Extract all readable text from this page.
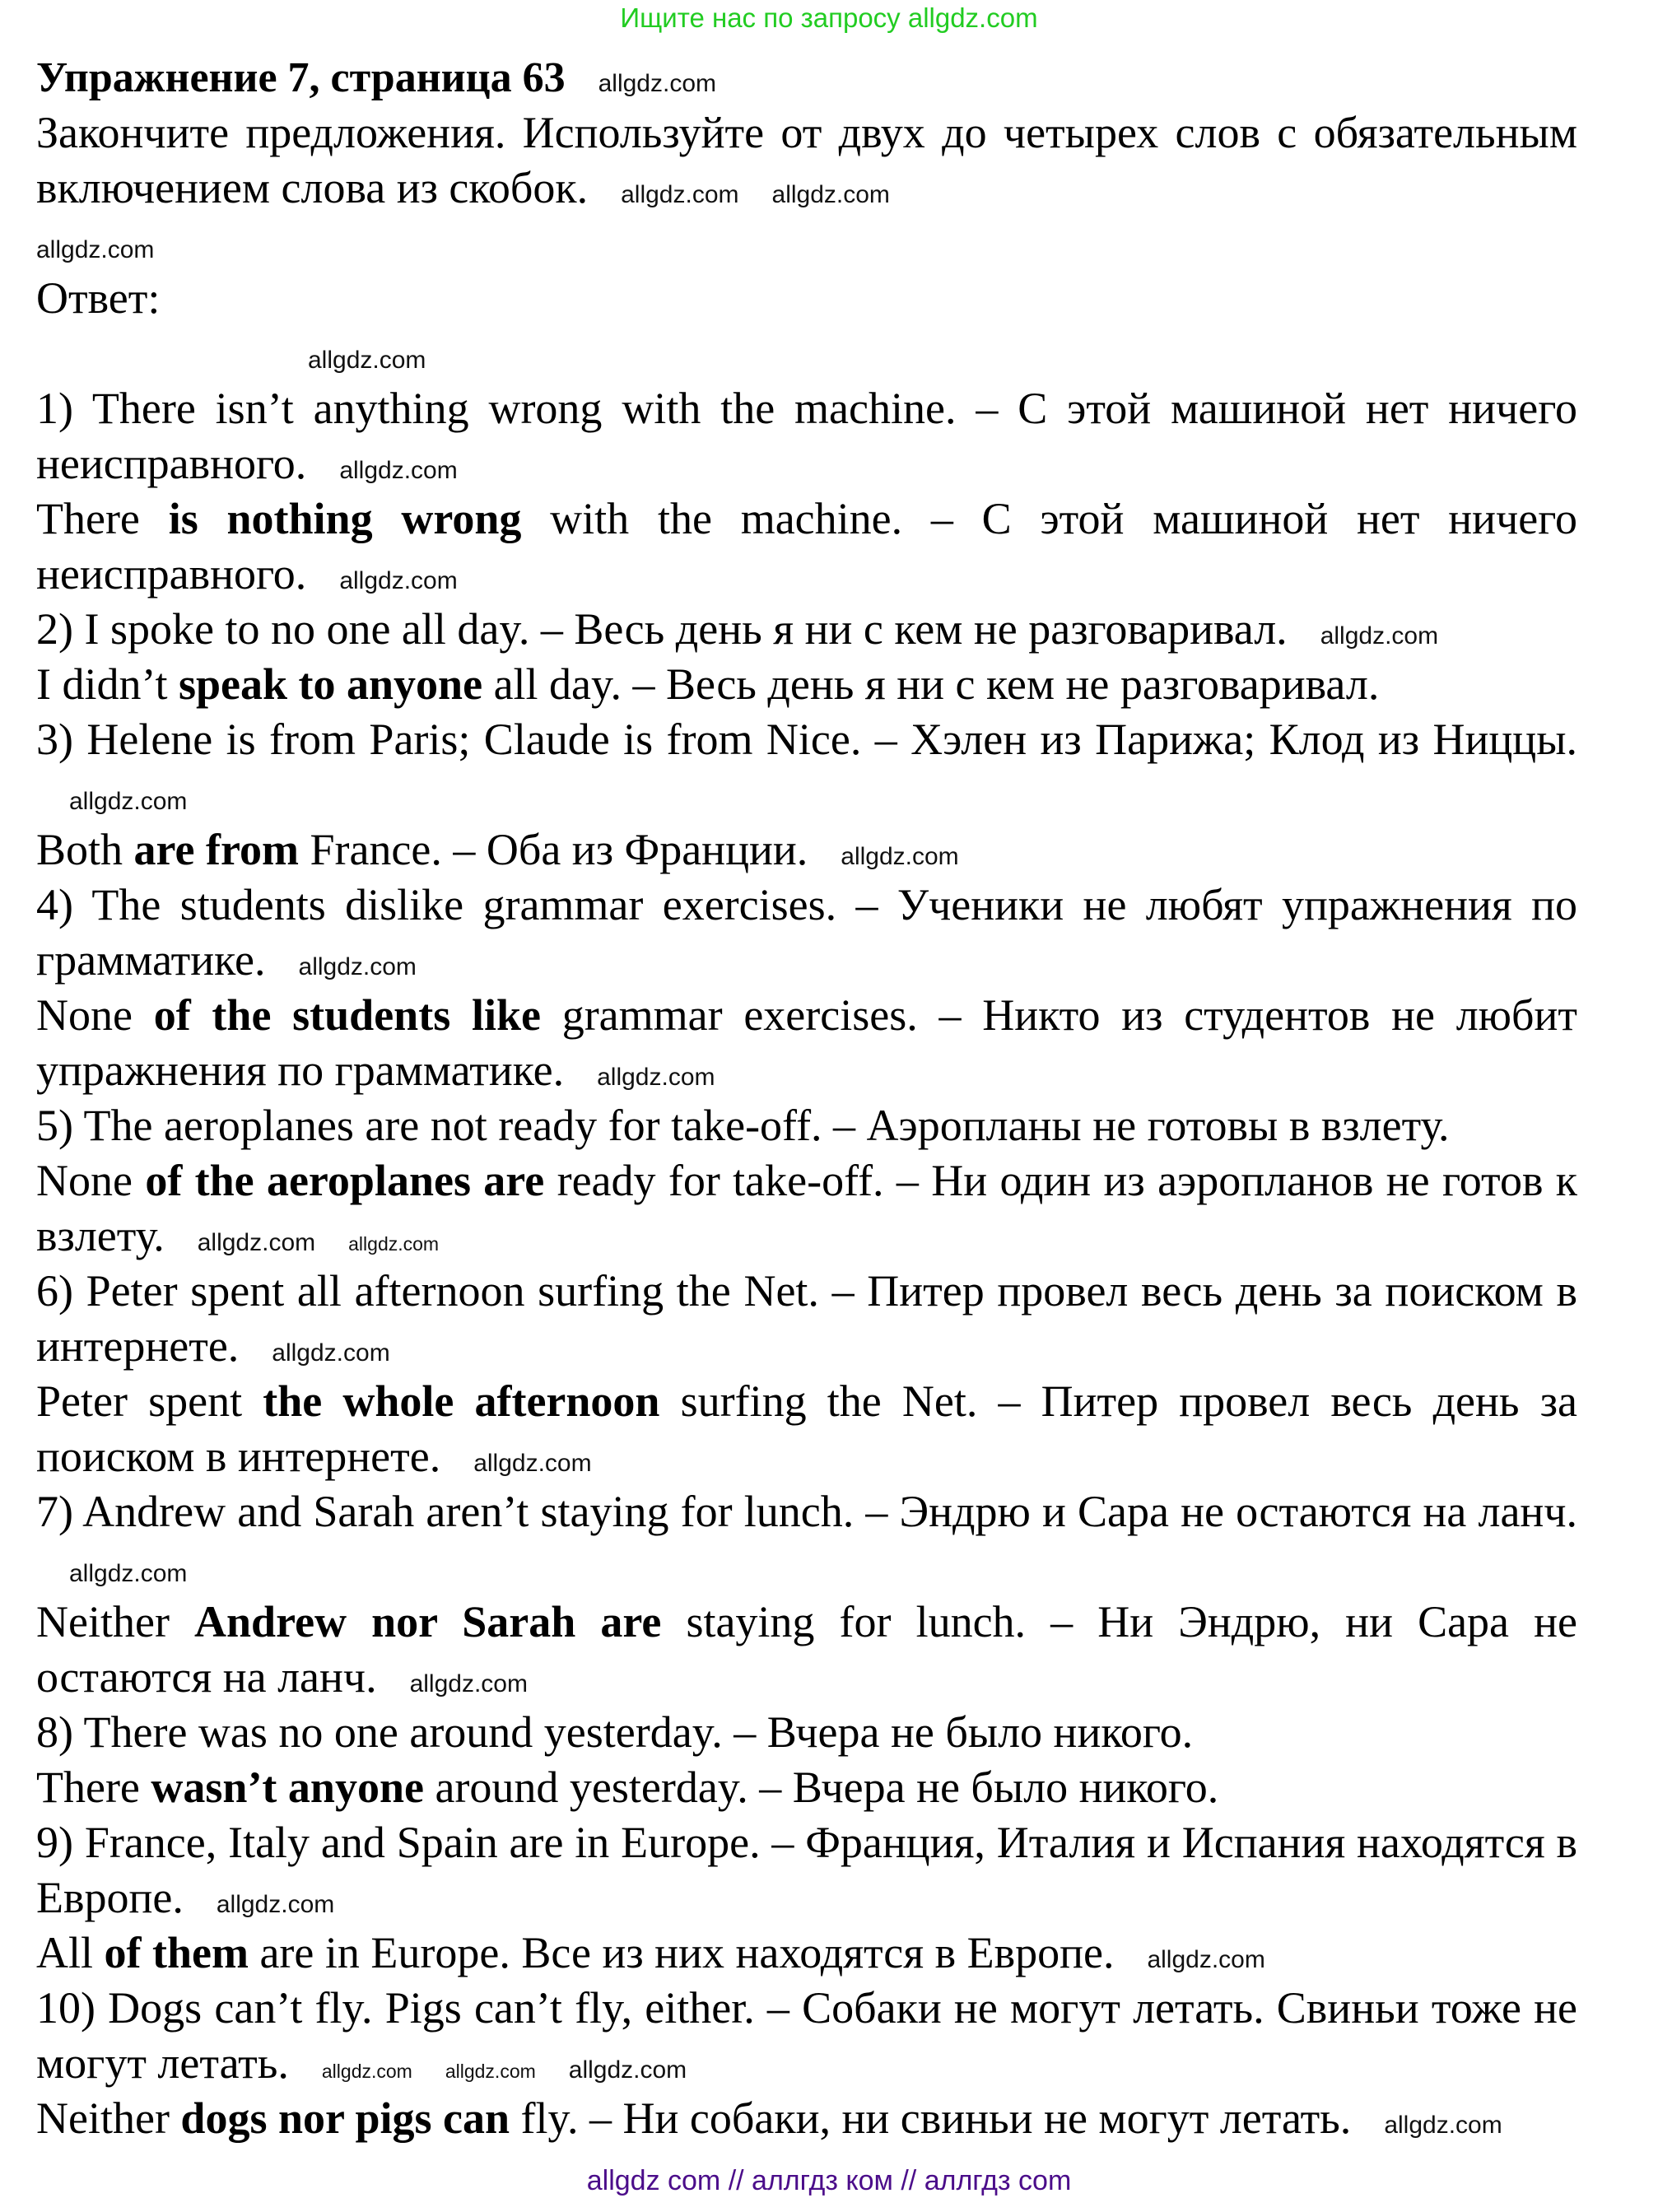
Ищите нас по запросу allgdz.com
Упражнение 7, страница 63 allgdz.com

Закончите предложения. Используйте от двух до четырех слов с обязательным включением слова из скобок. allgdz.com allgdz.com

allgdz.com

Ответ:

allgdz.com

1) There isn’t anything wrong with the machine. – С этой машиной нет ничего неисправного. allgdz.com

There is nothing wrong with the machine. – С этой машиной нет ничего неисправного. allgdz.com

2) I spoke to no one all day. – Весь день я ни с кем не разговаривал. allgdz.com

I didn’t speak to anyone all day. – Весь день я ни с кем не разговаривал.

3) Helene is from Paris; Claude is from Nice. – Хэлен из Парижа; Клод из Ниццы.allgdz.com

Both are from France. – Оба из Франции. allgdz.com

4) The students dislike grammar exercises. – Ученики не любят упражнения по грамматике. allgdz.com

None of the students like grammar exercises. – Никто из студентов не любит упражнения по грамматике. allgdz.com

5) The aeroplanes are not ready for take-off. – Аэропланы не готовы в взлету.

None of the aeroplanes are ready for take-off. – Ни один из аэропланов не готов к взлету. allgdz.com allgdz.com

6) Peter spent all afternoon surfing the Net. – Питер провел весь день за поиском в интернете. allgdz.com

Peter spent the whole afternoon surfing the Net. – Питер провел весь день за поиском в интернете. allgdz.com

7) Andrew and Sarah aren’t staying for lunch. – Эндрю и Сара не остаются на ланч.allgdz.com

Neither Andrew nor Sarah are staying for lunch. – Ни Эндрю, ни Сара не остаются на ланч. allgdz.com

8) There was no one around yesterday. – Вчера не было никого.

There wasn’t anyone around yesterday. – Вчера не было никого.

9) France, Italy and Spain are in Europe. – Франция, Италия и Испания находятся в Европе. allgdz.com

All of them are in Europe. Все из них находятся в Европе. allgdz.com

10) Dogs can’t fly. Pigs can’t fly, either. – Собаки не могут летать. Свиньи тоже не могут летать. allgdz.com allgdz.com allgdz.com

Neither dogs nor pigs can fly. – Ни собаки, ни свиньи не могут летать. allgdz.com

allgdz com // аллгдз ком // аллгдз com
